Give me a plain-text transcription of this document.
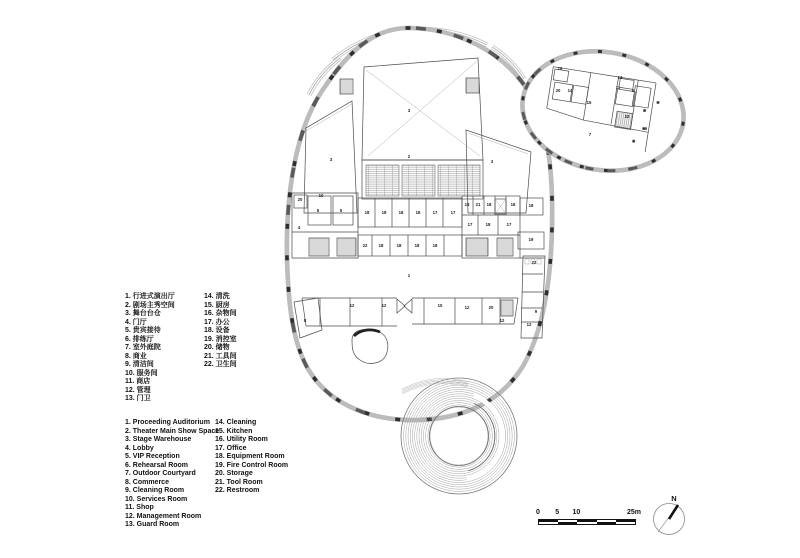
3
3
3
2
1
18	18	18	18	17	17
22	18	18	18	18
18 21 18	18
17	18	17
18
19
22
9
12
20
10
5	5
4
8
12	12	10	12	20
12
16
20 14
15
13
11
6
22
7
6
N
1. 行进式演出厅
2. 剧场主秀空间
3. 舞台台仓
4. 门厅
5. 贵宾接待
6. 排练厅
7. 室外庭院
8. 商业
9. 清洁间
10. 服务间
11. 商店
12. 管理
13. 门卫
14. 清洗
15. 厨房
16. 杂物间
17. 办公
18. 设备
19. 消控室
20. 储物
21. 工具间
22. 卫生间
1. Proceeding Auditorium
2. Theater Main Show Space
3. Stage Warehouse
4. Lobby
5. VIP Reception
6. Rehearsal Room
7. Outdoor Courtyard
8. Commerce
9. Cleaning Room
10. Services Room
11. Shop
12. Management Room
13. Guard Room
14. Cleaning
15. Kitchen
16. Utility Room
17. Office
18. Equipment Room
19. Fire Control Room
20. Storage
21. Tool Room
22. Restroom
0 5 10	25m
